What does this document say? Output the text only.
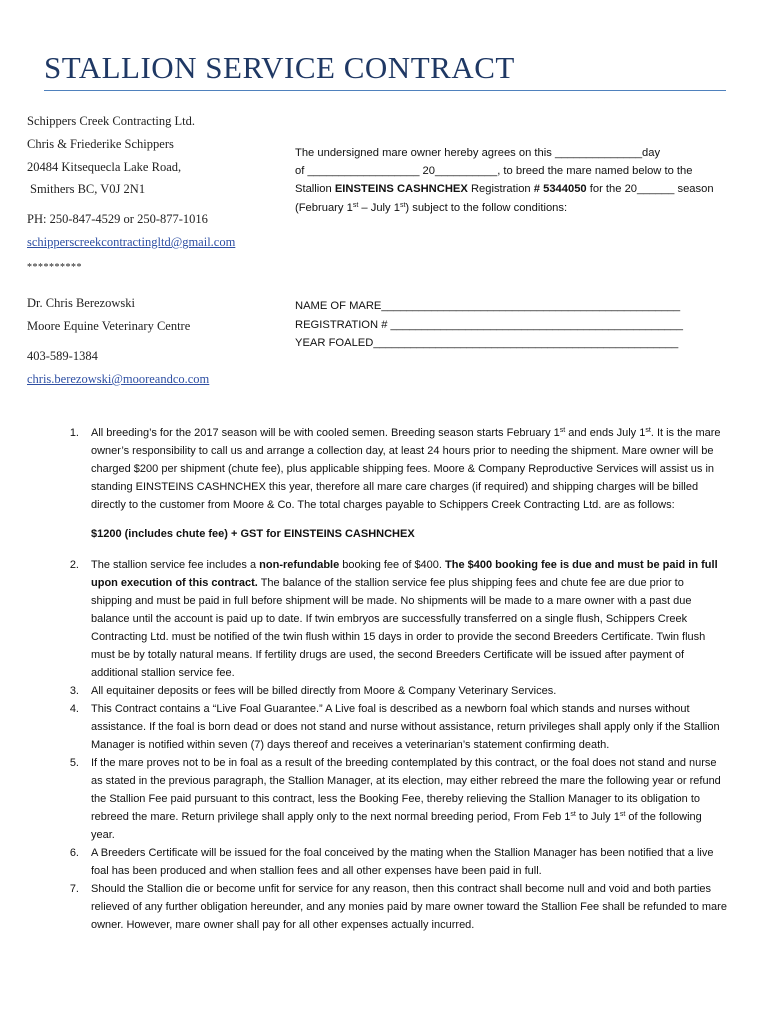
STALLION SERVICE CONTRACT
Schippers Creek Contracting Ltd.
Chris & Friederike Schippers
20484 Kitsequecla Lake Road,
Smithers BC, V0J 2N1
PH: 250-847-4529 or 250-877-1016
schipperscreekcontractingltd@gmail.com
**********
Dr. Chris Berezowski
Moore Equine Veterinary Centre
403-589-1384
chris.berezowski@mooreandco.com
The undersigned mare owner hereby agrees on this ______________day
of __________________ 20__________, to breed the mare named below to the
Stallion EINSTEINS CASHNCHEX Registration # 5344050 for the 20______ season
(February 1st – July 1st) subject to the follow conditions:
NAME OF MARE________________________________________________
REGISTRATION # _______________________________________________
YEAR FOALED_________________________________________________
1. All breeding’s for the 2017 season will be with cooled semen. Breeding season starts February 1st and ends July 1st. It is the mare owner’s responsibility to call us and arrange a collection day, at least 24 hours prior to needing the shipment. Mare owner will be charged $200 per shipment (chute fee), plus applicable shipping fees. Moore & Company Reproductive Services will assist us in standing EINSTEINS CASHNCHEX this year, therefore all mare care charges (if required) and shipping charges will be billed directly to the customer from Moore & Co. The total charges payable to Schippers Creek Contracting Ltd. are as follows:
$1200 (includes chute fee) + GST for EINSTEINS CASHNCHEX
2. The stallion service fee includes a non-refundable booking fee of $400. The $400 booking fee is due and must be paid in full upon execution of this contract. The balance of the stallion service fee plus shipping fees and chute fee are due prior to shipping and must be paid in full before shipment will be made. No shipments will be made to a mare owner with a past due balance until the account is paid up to date. If twin embryos are successfully transferred on a single flush, Schippers Creek Contracting Ltd. must be notified of the twin flush within 15 days in order to provide the second Breeders Certificate. Twin flush must be by totally natural means. If fertility drugs are used, the second Breeders Certificate will be issued after payment of additional stallion service fee.
3. All equitainer deposits or fees will be billed directly from Moore & Company Veterinary Services.
4. This Contract contains a “Live Foal Guarantee.” A Live foal is described as a newborn foal which stands and nurses without assistance. If the foal is born dead or does not stand and nurse without assistance, return privileges shall apply only if the Stallion Manager is notified within seven (7) days thereof and receives a veterinarian’s statement confirming death.
5. If the mare proves not to be in foal as a result of the breeding contemplated by this contract, or the foal does not stand and nurse as stated in the previous paragraph, the Stallion Manager, at its election, may either rebreed the mare the following year or refund the Stallion Fee paid pursuant to this contract, less the Booking Fee, thereby relieving the Stallion Manager to its obligation to rebreed the mare. Return privilege shall apply only to the next normal breeding period, From Feb 1st to July 1st of the following year.
6. A Breeders Certificate will be issued for the foal conceived by the mating when the Stallion Manager has been notified that a live foal has been produced and when stallion fees and all other expenses have been paid in full.
7. Should the Stallion die or become unfit for service for any reason, then this contract shall become null and void and both parties relieved of any further obligation hereunder, and any monies paid by mare owner toward the Stallion Fee shall be refunded to mare owner. However, mare owner shall pay for all other expenses actually incurred.
